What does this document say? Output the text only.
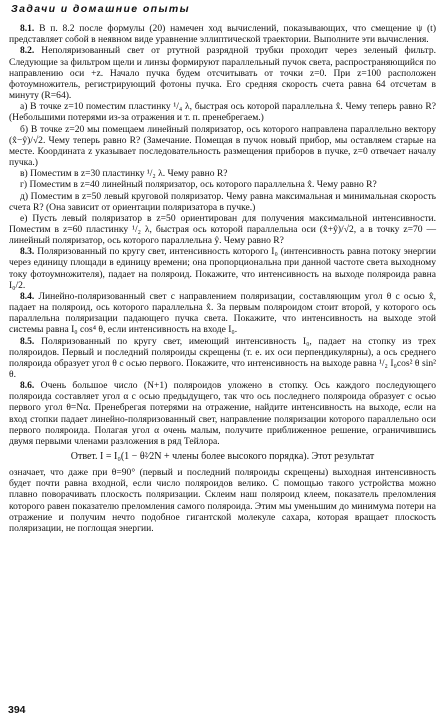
Задачи и домашние опыты

8.1. В п. 8.2 после формулы (20) намечен ход вычислений, показывающих, что смещение ψ (t) представляет собой в неявном виде уравнение эллиптической траектории. Выполните эти вычисления.

8.2. Неполяризованный свет от ртутной разрядной трубки проходит через зеленый фильтр. Следующие за фильтром щели и линзы формируют параллельный пучок света, распространяющийся по направлению оси +z. Начало пучка будем отсчитывать от точки z=0. При z=100 расположен фотоумножитель, регистрирующий фотоны пучка. Его средняя скорость счета равна 64 отсчетам в минуту (R=64).

а) В точке z=10 поместим пластинку ¹/₄ λ, быстрая ось которой параллельна x̂. Чему теперь равно R? (Небольшими потерями из-за отражения и т. п. пренебрегаем.)

б) В точке z=20 мы помещаем линейный поляризатор, ось которого направлена параллельно вектору (x̂−ŷ)/√2. Чему теперь равно R? (Замечание. Помещая в пучок новый прибор, мы оставляем старые на месте. Координата z указывает последовательность размещения приборов в пучке, z=0 отвечает началу пучка.)

в) Поместим в z=30 пластинку ¹/₂ λ. Чему равно R?

г) Поместим в z=40 линейный поляризатор, ось которого параллельна x̂. Чему равно R?

д) Поместим в z=50 левый круговой поляризатор. Чему равна максимальная и минимальная скорость счета R? (Она зависит от ориентации поляризатора в пучке.)

е) Пусть левый поляризатор в z=50 ориентирован для получения максимальной интенсивности. Поместим в z=60 пластинку ¹/₂ λ, быстрая ось которой параллельна оси (x̂+ŷ)/√2, а в точку z=70 — линейный поляризатор, ось которого параллельна ŷ. Чему равно R?

8.3. Поляризованный по кругу свет, интенсивность которого I₀ (интенсивность равна потоку энергии через единицу площади в единицу времени; она пропорциональна при данной частоте света выходному току фотоумножителя), падает на поляроид. Покажите, что интенсивность на выходе поляроида равна I₀/2.

8.4. Линейно-поляризованный свет с направлением поляризации, составляющим угол θ с осью x̂, падает на поляроид, ось которого параллельна x̂. За первым поляроидом стоит второй, у которого ось параллельна поляризации падающего пучка света. Покажите, что интенсивность на выходе этой системы равна I₀ cos⁴ θ, если интенсивность на входе I₀.

8.5. Поляризованный по кругу свет, имеющий интенсивность I₀, падает на стопку из трех поляроидов. Первый и последний поляроиды скрещены (т. е. их оси перпендикулярны), а ось среднего поляроида образует угол θ с осью первого. Покажите, что интенсивность на выходе равна ¹/₂ I₀cos² θ sin² θ.

8.6. Очень большое число (N+1) поляроидов уложено в стопку. Ось каждого последующего поляроида составляет угол α с осью предыдущего, так что ось последнего поляроида образует с осью первого угол θ=Nα. Пренебрегая потерями на отражение, найдите интенсивность на выходе, если на вход стопки падает линейно-поляризованный свет, направление поляризации которого параллельно оси первого поляроида. Полагая угол α очень малым, получите приближенное решение, ограничившись двумя первыми членами разложения в ряд Тейлора.

Ответ. I = I₀(1 − θ²⁄2N + члены более высокого порядка). Этот результат

означает, что даже при θ=90° (первый и последний поляроиды скрещены) выходная интенсивность будет почти равна входной, если число поляроидов велико. С помощью такого устройства можно плавно поворачивать плоскость поляризации. Склеим наш поляроид клеем, показатель преломления которого равен показателю преломления самого поляроида. Этим мы уменьшим до минимума потери на отражение и получим нечто подобное гигантской молекуле сахара, которая вращает плоскость поляризации, не поглощая энергии.

394
